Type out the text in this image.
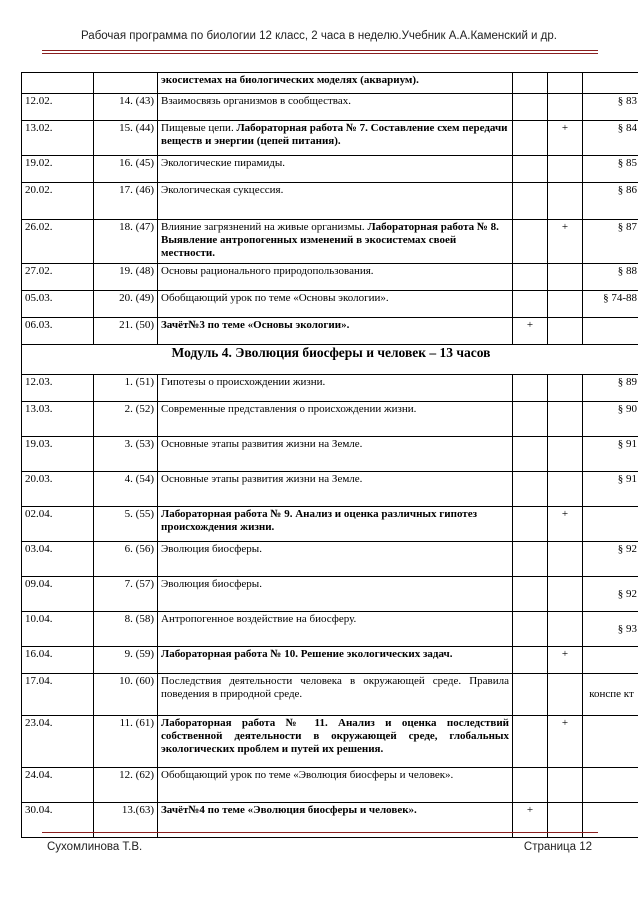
Рабочая программа по биологии 12 класс, 2 часа в неделю.Учебник А.А.Каменский и др.
		экосистемах на биологических моделях (аквариум).			
12.02.	14. (43)	Взаимосвязь организмов в сообществах.			§ 83
13.02.	15. (44)	Пищевые цепи. Лабораторная работа № 7. Составление схем передачи веществ и энергии (цепей питания).		+	§ 84
19.02.	16. (45)	Экологические пирамиды.			§ 85
20.02.	17. (46)	Экологическая сукцессия.			§ 86
26.02.	18. (47)	Влияние загрязнений на живые организмы. Лабораторная работа № 8. Выявление антропогенных изменений в экосистемах своей местности.		+	§ 87
27.02.	19. (48)	Основы рационального природопользования.			§ 88
05.03.	20. (49)	Обобщающий урок по теме «Основы экологии».			§ 74-88
06.03.	21. (50)	Зачёт№3 по теме «Основы экологии».	+		
Модуль 4. Эволюция биосферы и человек – 13 часов					
12.03.	1. (51)	Гипотезы о происхождении жизни.			§ 89
13.03.	2. (52)	Современные представления о происхождении жизни.			§ 90
19.03.	3. (53)	Основные этапы развития жизни на Земле.			§ 91
20.03.	4. (54)	Основные этапы развития жизни на Земле.			§ 91
02.04.	5. (55)	Лабораторная работа № 9. Анализ и оценка различных гипотез происхождения жизни.		+	
03.04.	6. (56)	Эволюция биосферы.			§ 92
09.04.	7. (57)	Эволюция биосферы.			§ 92
10.04.	8. (58)	Антропогенное воздействие на биосферу.			§ 93
16.04.	9. (59)	Лабораторная работа № 10. Решение экологических задач.		+	
17.04.	10. (60)	Последствия деятельности человека в окружающей среде. Правила поведения в природной среде.			конспе кт
23.04.	11. (61)	Лабораторная работа № 11. Анализ и оценка последствий собственной деятельности в окружающей среде, глобальных экологических проблем и путей их решения.		+	
24.04.	12. (62)	Обобщающий урок по теме «Эволюция биосферы и человек».			
30.04.	13.(63)	Зачёт№4 по теме «Эволюция биосферы и человек».	+		
Сухомлинова Т.В.	Страница 12
